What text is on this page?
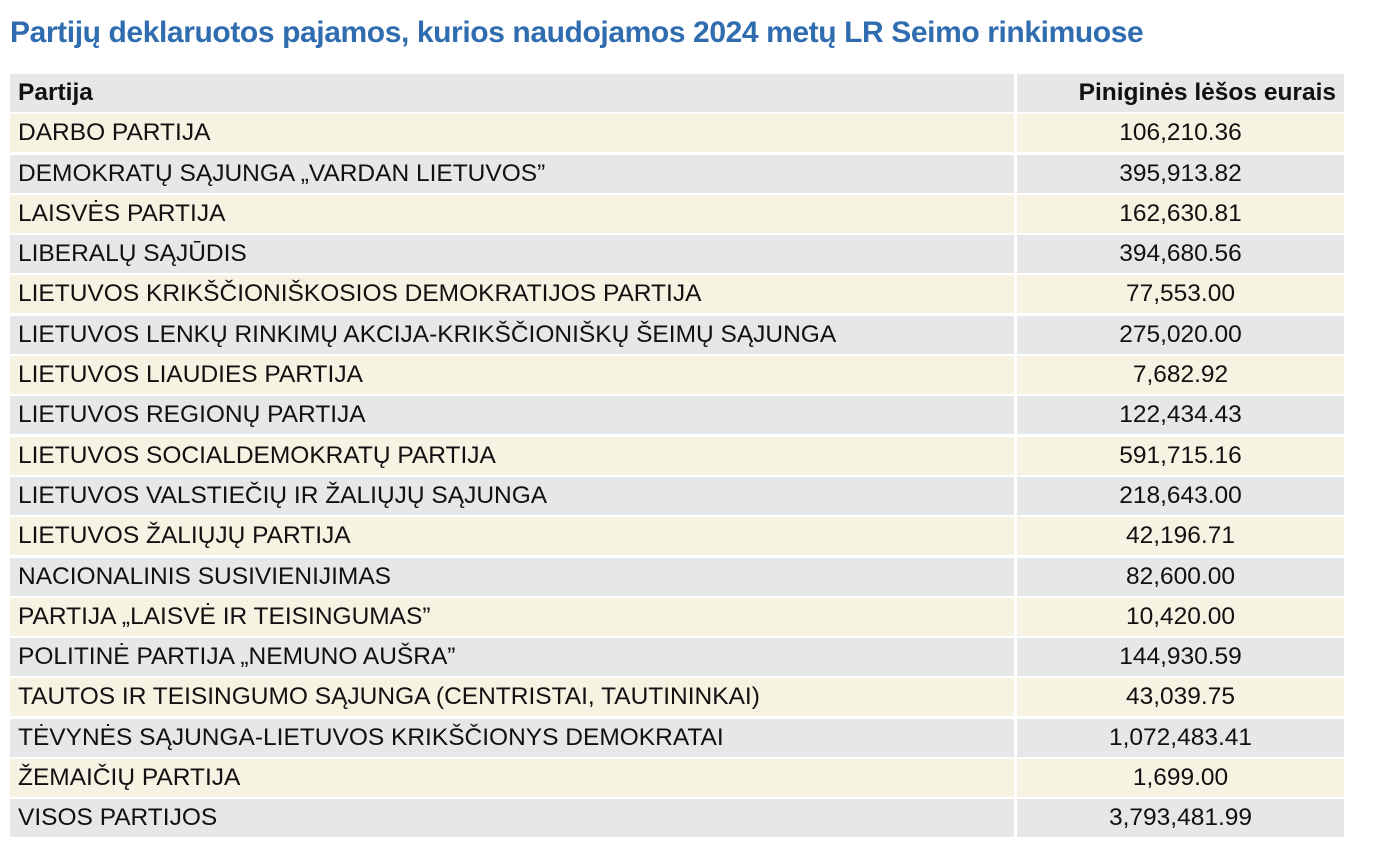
Partijų deklaruotos pajamos, kurios naudojamos 2024 metų LR Seimo rinkimuose
Partija	Piniginės lėšos eurais
DARBO PARTIJA	106,210.36
DEMOKRATŲ SĄJUNGA „VARDAN LIETUVOS”	395,913.82
LAISVĖS PARTIJA	162,630.81
LIBERALŲ SĄJŪDIS	394,680.56
LIETUVOS KRIKŠČIONIŠKOSIOS DEMOKRATIJOS PARTIJA	77,553.00
LIETUVOS LENKŲ RINKIMŲ AKCIJA-KRIKŠČIONIŠKŲ ŠEIMŲ SĄJUNGA	275,020.00
LIETUVOS LIAUDIES PARTIJA	7,682.92
LIETUVOS REGIONŲ PARTIJA	122,434.43
LIETUVOS SOCIALDEMOKRATŲ PARTIJA	591,715.16
LIETUVOS VALSTIEČIŲ IR ŽALIŲJŲ SĄJUNGA	218,643.00
LIETUVOS ŽALIŲJŲ PARTIJA	42,196.71
NACIONALINIS SUSIVIENIJIMAS	82,600.00
PARTIJA „LAISVĖ IR TEISINGUMAS”	10,420.00
POLITINĖ PARTIJA „NEMUNO AUŠRA”	144,930.59
TAUTOS IR TEISINGUMO SĄJUNGA (CENTRISTAI, TAUTININKAI)	43,039.75
TĖVYNĖS SĄJUNGA-LIETUVOS KRIKŠČIONYS DEMOKRATAI	1,072,483.41
ŽEMAIČIŲ PARTIJA	1,699.00
VISOS PARTIJOS	3,793,481.99
